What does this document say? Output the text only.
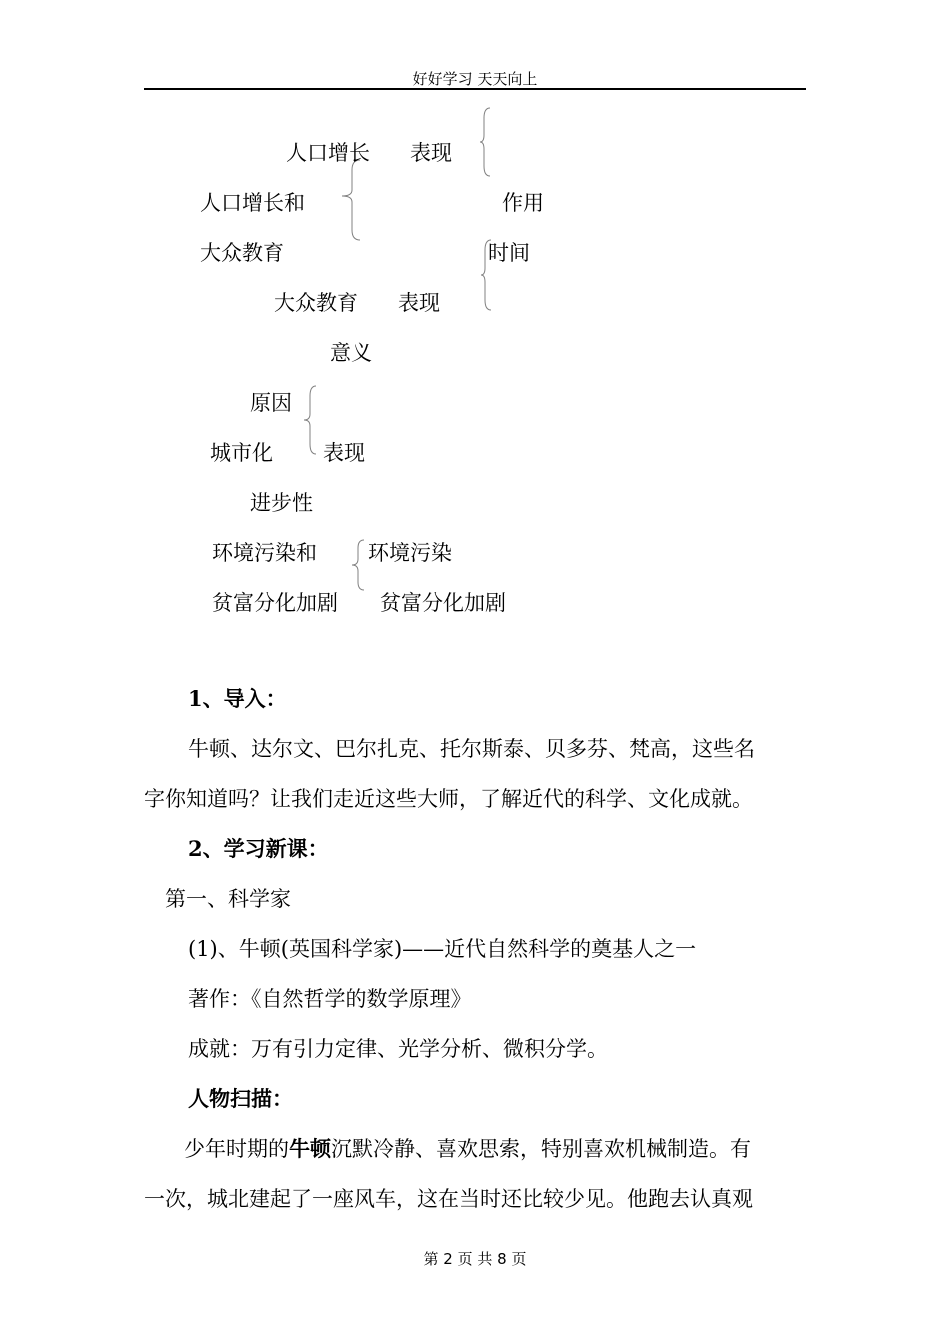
好好学习 天天向上
人口增长 表现
人口增长和	作用
大众教育	时间
大众教育 表现
意义
原因
城市化 表现
进步性
环境污染和 环境污染
贫富分化加剧 贫富分化加剧
1、导入：
牛顿、达尔文、巴尔扎克、托尔斯泰、贝多芬、梵高，这些名
字你知道吗？让我们走近这些大师，了解近代的科学、文化成就。
2、学习新课：
第一、科学家
(1)、牛顿(英国科学家)——近代自然科学的奠基人之一
著作：《自然哲学的数学原理》
成就：万有引力定律、光学分析、微积分学。
人物扫描：
少年时期的牛顿沉默冷静、喜欢思索，特别喜欢机械制造。有
一次，城北建起了一座风车，这在当时还比较少见。他跑去认真观
第 2 页 共 8 页
